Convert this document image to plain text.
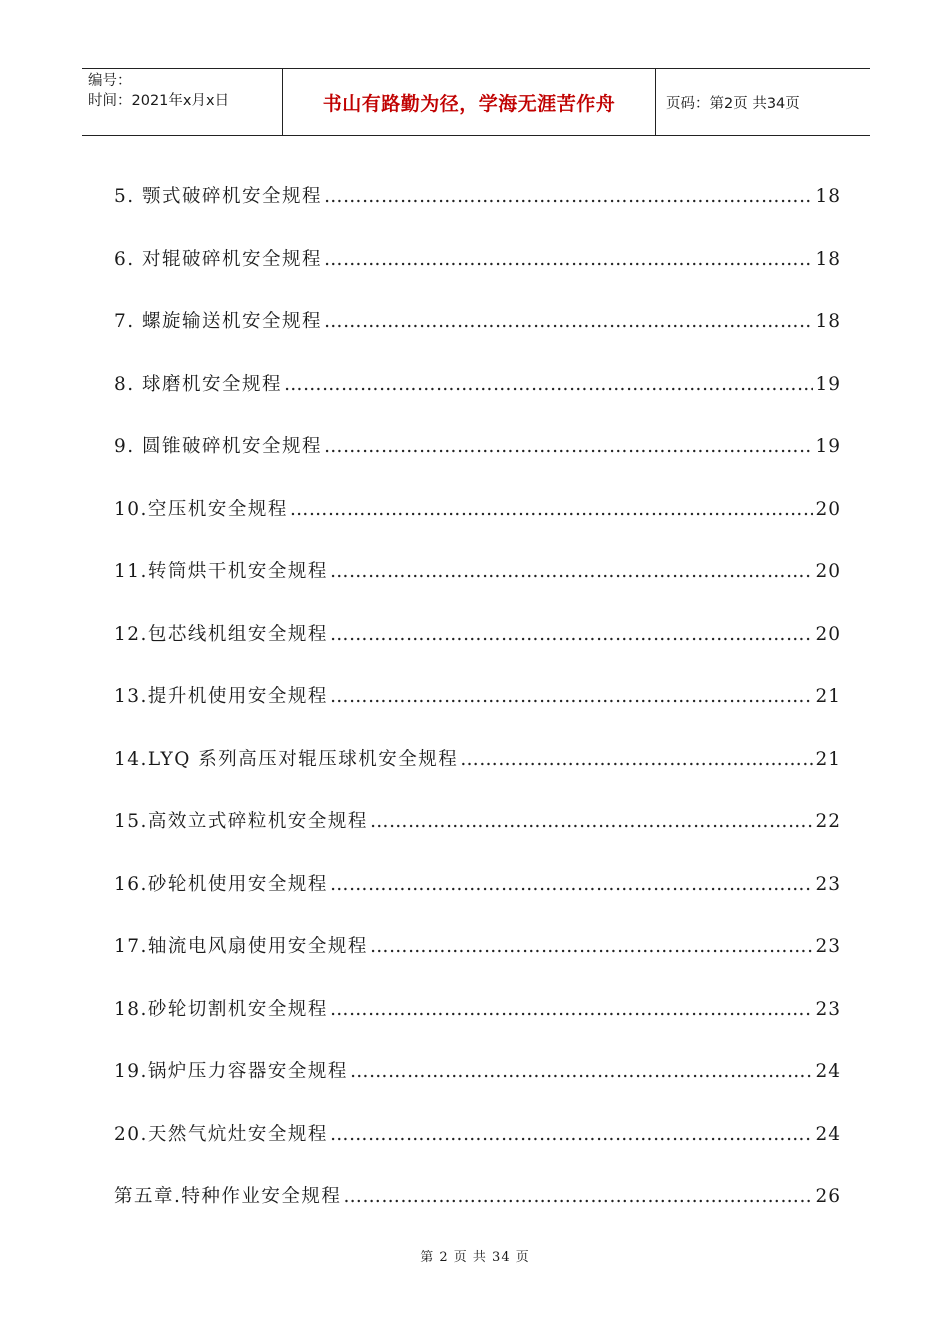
编号：
时间：2021年x月x日	书山有路勤为径，学海无涯苦作舟	页码：第2页 共34页
5. 颚式破碎机安全规程 …………………………………………………………………………………………………………………………………………………………………………	18
6. 对辊破碎机安全规程 …………………………………………………………………………………………………………………………………………………………………………	18
7. 螺旋输送机安全规程 …………………………………………………………………………………………………………………………………………………………………………	18
8. 球磨机安全规程 …………………………………………………………………………………………………………………………………………………………………………	19
9. 圆锥破碎机安全规程 …………………………………………………………………………………………………………………………………………………………………………	19
10.空压机安全规程 …………………………………………………………………………………………………………………………………………………………………………	20
11.转筒烘干机安全规程 …………………………………………………………………………………………………………………………………………………………………………	20
12.包芯线机组安全规程 …………………………………………………………………………………………………………………………………………………………………………	20
13.提升机使用安全规程 …………………………………………………………………………………………………………………………………………………………………………	21
14.LYQ 系列高压对辊压球机安全规程 …………………………………………………………………………………………………………………………………………………………………………	21
15.高效立式碎粒机安全规程 …………………………………………………………………………………………………………………………………………………………………………	22
16.砂轮机使用安全规程 …………………………………………………………………………………………………………………………………………………………………………	23
17.轴流电风扇使用安全规程 …………………………………………………………………………………………………………………………………………………………………………	23
18.砂轮切割机安全规程 …………………………………………………………………………………………………………………………………………………………………………	23
19.锅炉压力容器安全规程 …………………………………………………………………………………………………………………………………………………………………………	24
20.天然气炕灶安全规程 …………………………………………………………………………………………………………………………………………………………………………	24
第五章.特种作业安全规程 …………………………………………………………………………………………………………………………………………………………………………	26
第 2 页 共 34 页
